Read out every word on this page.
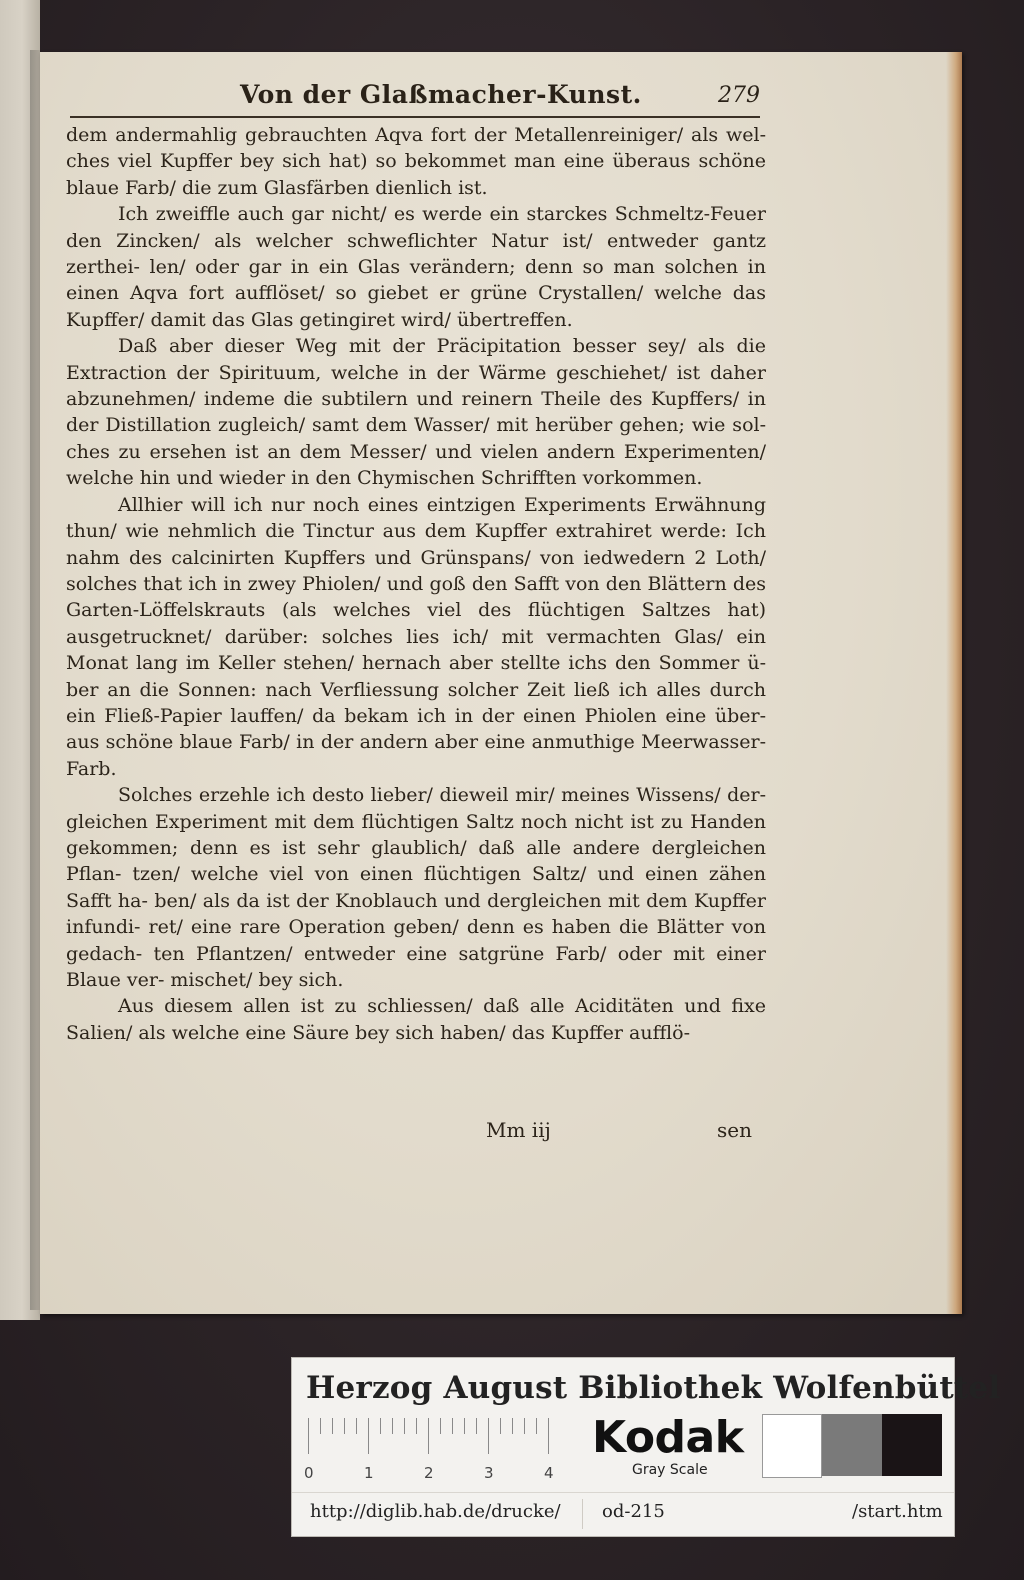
Von der Glaßmacher-Kunst.	279

dem andermahlig gebrauchten Aqva fort der Metallenreiniger/ als wel- ches viel Kupffer bey sich hat) so bekommet man eine überaus schöne blaue Farb/ die zum Glasfärben dienlich ist.

Ich zweiffle auch gar nicht/ es werde ein starckes Schmeltz-Feuer den Zincken/ als welcher schweflichter Natur ist/ entweder gantz zerthei- len/ oder gar in ein Glas verändern; denn so man solchen in einen Aqva fort aufflöset/ so giebet er grüne Crystallen/ welche das Kupffer/ damit das Glas getingiret wird/ übertreffen.

Daß aber dieser Weg mit der Präcipitation besser sey/ als die Extraction der Spirituum, welche in der Wärme geschiehet/ ist daher abzunehmen/ indeme die subtilern und reinern Theile des Kupffers/ in der Distillation zugleich/ samt dem Wasser/ mit herüber gehen; wie sol- ches zu ersehen ist an dem Messer/ und vielen andern Experimenten/ welche hin und wieder in den Chymischen Schrifften vorkommen.

Allhier will ich nur noch eines eintzigen Experiments Erwähnung thun/ wie nehmlich die Tinctur aus dem Kupffer extrahiret werde: Ich nahm des calcinirten Kupffers und Grünspans/ von iedwedern 2 Loth/ solches that ich in zwey Phiolen/ und goß den Safft von den Blättern des Garten-Löffelskrauts (als welches viel des flüchtigen Saltzes hat) ausgetrucknet/ darüber: solches lies ich/ mit vermachten Glas/ ein Monat lang im Keller stehen/ hernach aber stellte ichs den Sommer ü- ber an die Sonnen: nach Verfliessung solcher Zeit ließ ich alles durch ein Fließ-Papier lauffen/ da bekam ich in der einen Phiolen eine über- aus schöne blaue Farb/ in der andern aber eine anmuthige Meerwasser- Farb.

Solches erzehle ich desto lieber/ dieweil mir/ meines Wissens/ der- gleichen Experiment mit dem flüchtigen Saltz noch nicht ist zu Handen gekommen; denn es ist sehr glaublich/ daß alle andere dergleichen Pflan- tzen/ welche viel von einen flüchtigen Saltz/ und einen zähen Safft ha- ben/ als da ist der Knoblauch und dergleichen mit dem Kupffer infundi- ret/ eine rare Operation geben/ denn es haben die Blätter von gedach- ten Pflantzen/ entweder eine satgrüne Farb/ oder mit einer Blaue ver- mischet/ bey sich.

Aus diesem allen ist zu schliessen/ daß alle Aciditäten und fixe Salien/ als welche eine Säure bey sich haben/ das Kupffer aufflö-

Mm iij	sen
Herzog August Bibliothek Wolfenbüttel
0	1	2	3	4
Kodak
Gray Scale
http://diglib.hab.de/drucke/ od-215	/start.htm
